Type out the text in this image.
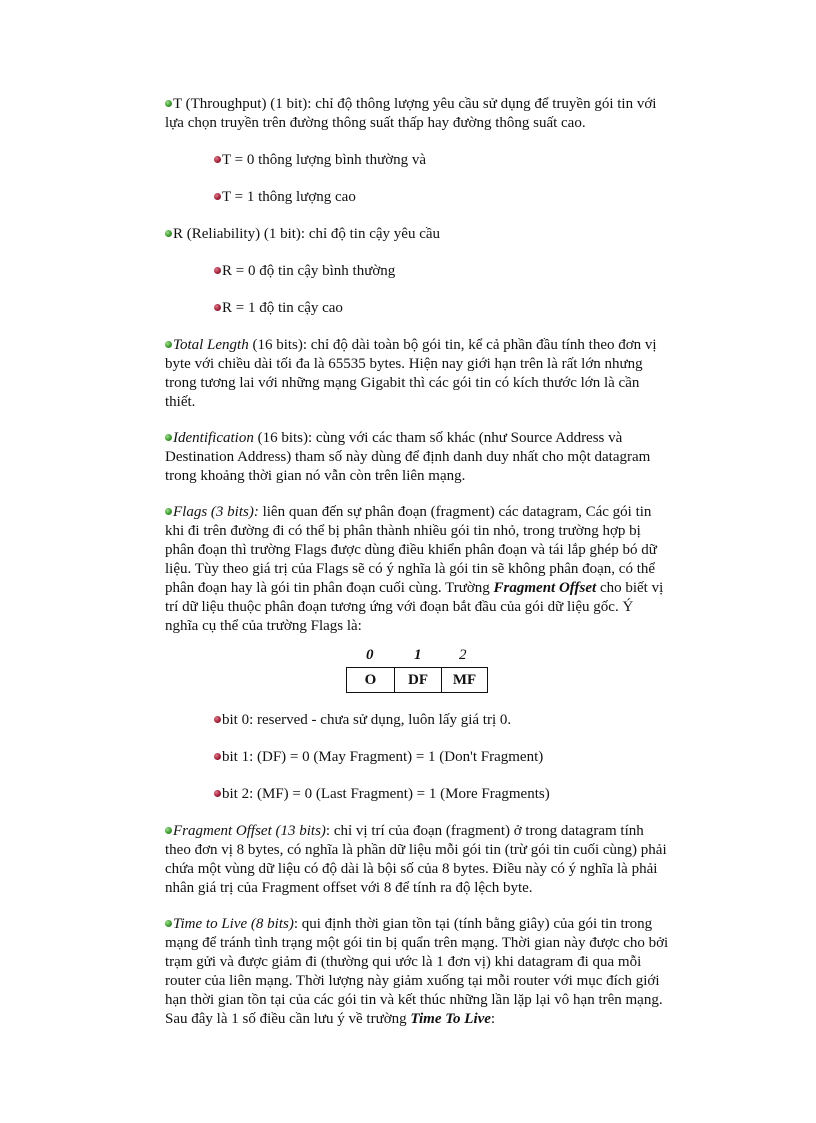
T (Throughput) (1 bit): chỉ độ thông lượng yêu cầu sử dụng để truyền gói tin với
lựa chọn truyền trên đường thông suất thấp hay đường thông suất cao.

T = 0 thông lượng bình thường và

T = 1 thông lượng cao

R (Reliability) (1 bit): chỉ độ tin cậy yêu cầu

R = 0 độ tin cậy bình thường

R = 1 độ tin cậy cao

Total Length (16 bits): chỉ độ dài toàn bộ gói tin, kể cả phần đầu tính theo đơn vị
byte với chiều dài tối đa là 65535 bytes. Hiện nay giới hạn trên là rất lớn nhưng
trong tương lai với những mạng Gigabit thì các gói tin có kích thước lớn là cần
thiết.

Identification (16 bits): cùng với các tham số khác (như Source Address và
Destination Address) tham số này dùng để định danh duy nhất cho một datagram
trong khoảng thời gian nó vẫn còn trên liên mạng.

Flags (3 bits): liên quan đến sự phân đoạn (fragment) các datagram, Các gói tin
khi đi trên đường đi có thể bị phân thành nhiều gói tin nhỏ, trong trường hợp bị
phân đoạn thì trường Flags được dùng điều khiển phân đoạn và tái lắp ghép bó dữ
liệu. Tùy theo giá trị của Flags sẽ có ý nghĩa là gói tin sẽ không phân đoạn, có thể
phân đoạn hay là gói tin phân đoạn cuối cùng. Trường Fragment Offset cho biết vị
trí dữ liệu thuộc phân đoạn tương ứng với đoạn bắt đầu của gói dữ liệu gốc. Ý
nghĩa cụ thể của trường Flags là:

0	1	2
O	DF	MF

bit 0: reserved - chưa sử dụng, luôn lấy giá trị 0.

bit 1: (DF) = 0 (May Fragment) = 1 (Don't Fragment)

bit 2: (MF) = 0 (Last Fragment) = 1 (More Fragments)

Fragment Offset (13 bits): chỉ vị trí của đoạn (fragment) ở trong datagram tính
theo đơn vị 8 bytes, có nghĩa là phần dữ liệu mỗi gói tin (trừ gói tin cuối cùng) phải
chứa một vùng dữ liệu có độ dài là bội số của 8 bytes. Điều này có ý nghĩa là phải
nhân giá trị của Fragment offset với 8 để tính ra độ lệch byte.

Time to Live (8 bits): qui định thời gian tồn tại (tính bằng giây) của gói tin trong
mạng để tránh tình trạng một gói tin bị quẩn trên mạng. Thời gian này được cho bởi
trạm gửi và được giảm đi (thường qui ước là 1 đơn vị) khi datagram đi qua mỗi
router của liên mạng. Thời lượng này giảm xuống tại mỗi router với mục đích giới
hạn thời gian tồn tại của các gói tin và kết thúc những lần lặp lại vô hạn trên mạng.
Sau đây là 1 số điều cần lưu ý về trường Time To Live:
